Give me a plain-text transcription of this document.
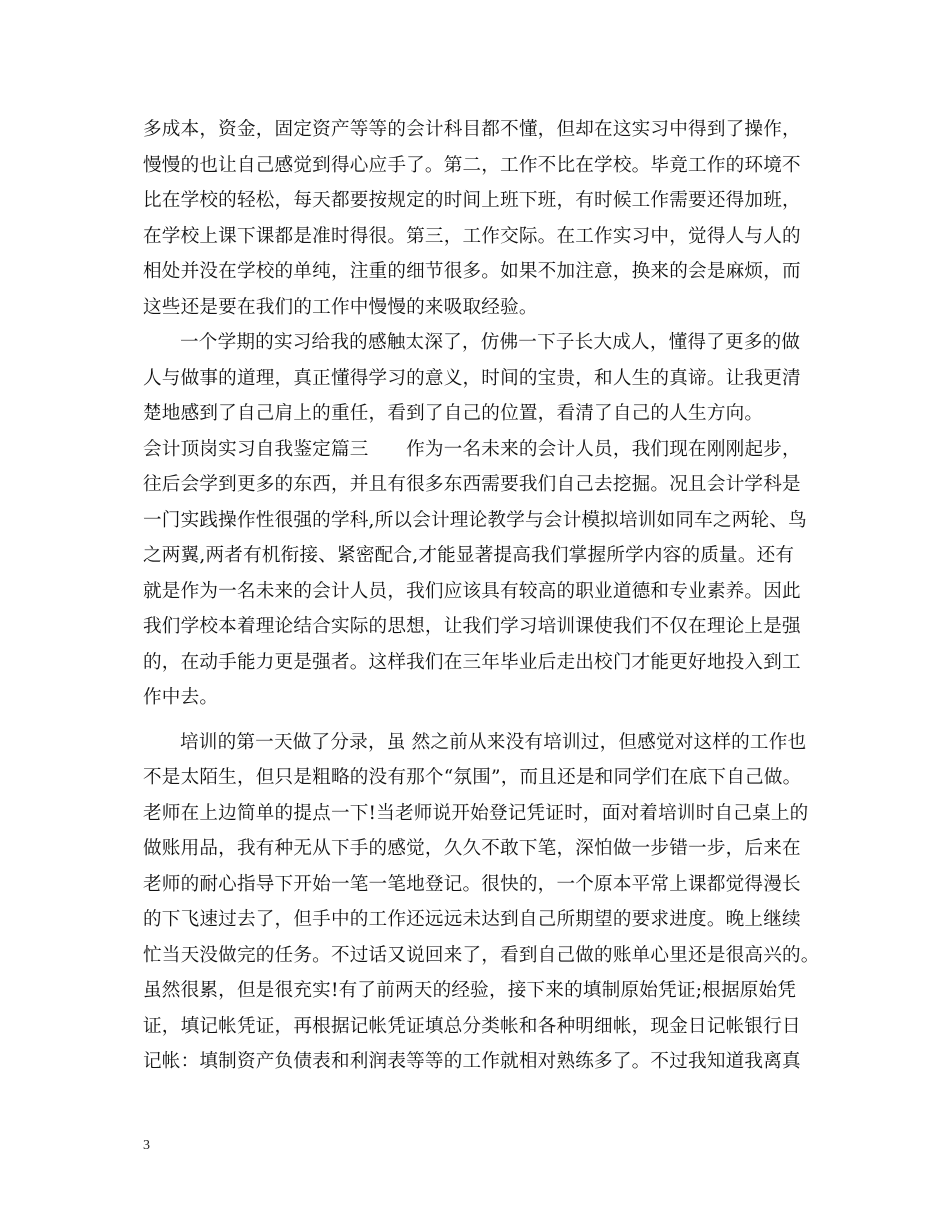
多成本，资金，固定资产等等的会计科目都不懂，但却在这实习中得到了操作，
慢慢的也让自己感觉到得心应手了。第二，工作不比在学校。毕竟工作的环境不
比在学校的轻松，每天都要按规定的时间上班下班，有时候工作需要还得加班，
在学校上课下课都是准时得很。第三，工作交际。在工作实习中，觉得人与人的
相处并没在学校的单纯，注重的细节很多。如果不加注意，换来的会是麻烦，而
这些还是要在我们的工作中慢慢的来吸取经验。
一个学期的实习给我的感触太深了，仿佛一下子长大成人，懂得了更多的做
人与做事的道理，真正懂得学习的意义，时间的宝贵，和人生的真谛。让我更清
楚地感到了自己肩上的重任，看到了自己的位置，看清了自己的人生方向。
会计顶岗实习自我鉴定篇三　　作为一名未来的会计人员，我们现在刚刚起步，
往后会学到更多的东西，并且有很多东西需要我们自己去挖掘。况且会计学科是
一门实践操作性很强的学科,所以会计理论教学与会计模拟培训如同车之两轮、鸟
之两翼,两者有机衔接、紧密配合,才能显著提高我们掌握所学内容的质量。还有
就是作为一名未来的会计人员，我们应该具有较高的职业道德和专业素养。因此
我们学校本着理论结合实际的思想，让我们学习培训课使我们不仅在理论上是强
的，在动手能力更是强者。这样我们在三年毕业后走出校门才能更好地投入到工
作中去。
培训的第一天做了分录，虽 然之前从来没有培训过，但感觉对这样的工作也
不是太陌生，但只是粗略的没有那个“氛围”，而且还是和同学们在底下自己做。
老师在上边简单的提点一下!当老师说开始登记凭证时，面对着培训时自己桌上的
做账用品，我有种无从下手的感觉，久久不敢下笔，深怕做一步错一步，后来在
老师的耐心指导下开始一笔一笔地登记。很快的，一个原本平常上课都觉得漫长
的下飞速过去了，但手中的工作还远远未达到自己所期望的要求进度。晚上继续
忙当天没做完的任务。不过话又说回来了，看到自己做的账单心里还是很高兴的。
虽然很累，但是很充实!有了前两天的经验，接下来的填制原始凭证;根据原始凭
证，填记帐凭证，再根据记帐凭证填总分类帐和各种明细帐，现金日记帐银行日
记帐：填制资产负债表和利润表等等的工作就相对熟练多了。不过我知道我离真
3
